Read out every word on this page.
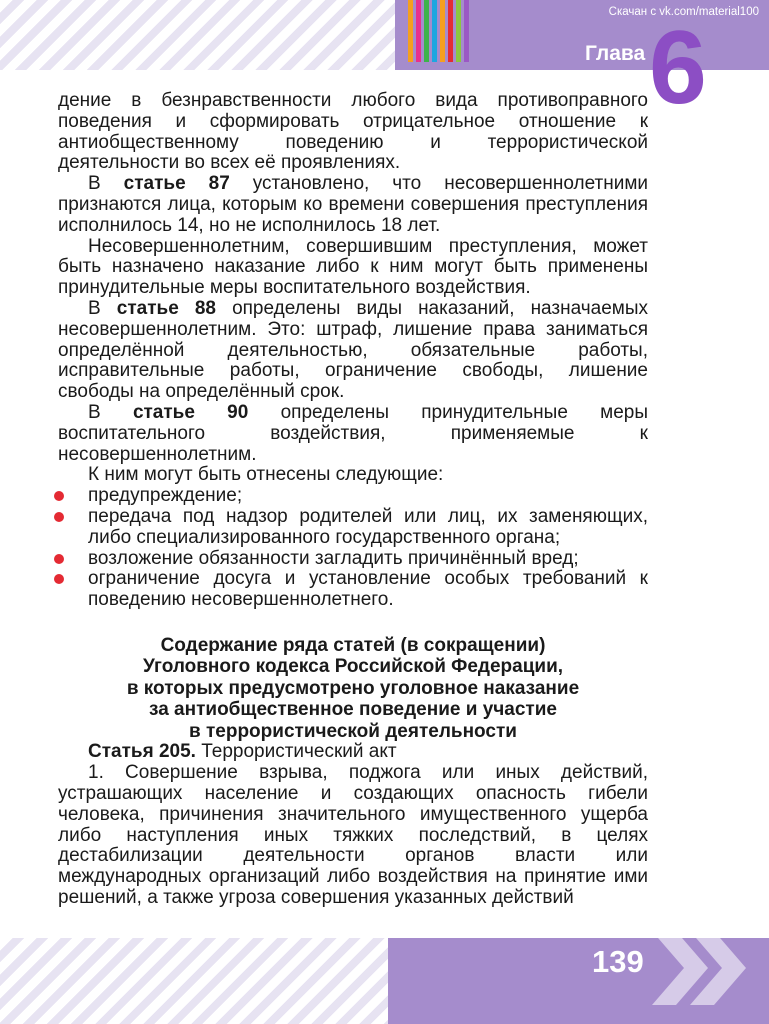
Скачан с vk.com/material100
Глава 6

дение в безнравственности любого вида противоправного поведения и сформировать отрицательное отношение к антиобщественному поведению и террористической деятельности во всех её проявлениях.

В статье 87 установлено, что несовершеннолетними признаются лица, которым ко времени совершения преступления исполнилось 14, но не исполнилось 18 лет.

Несовершеннолетним, совершившим преступления, может быть назначено наказание либо к ним могут быть применены принудительные меры воспитательного воздействия.

В статье 88 определены виды наказаний, назначаемых несовершеннолетним. Это: штраф, лишение права заниматься определённой деятельностью, обязательные работы, исправительные работы, ограничение свободы, лишение свободы на определённый срок.

В статье 90 определены принудительные меры воспитательного воздействия, применяемые к несовершеннолетним.

К ним могут быть отнесены следующие:

предупреждение;
передача под надзор родителей или лиц, их заменяющих, либо специализированного государственного органа;
возложение обязанности загладить причинённый вред;
ограничение досуга и установление особых требований к поведению несовершеннолетнего.
Содержание ряда статей (в сокращении)
Уголовного кодекса Российской Федерации,
в которых предусмотрено уголовное наказание
за антиобщественное поведение и участие
в террористической деятельности

Статья 205. Террористический акт

1. Совершение взрыва, поджога или иных действий, устрашающих население и создающих опасность гибели человека, причинения значительного имущественного ущерба либо наступления иных тяжких последствий, в целях дестабилизации деятельности органов власти или международных организаций либо воздействия на принятие ими решений, а также угроза совершения указанных действий

139
